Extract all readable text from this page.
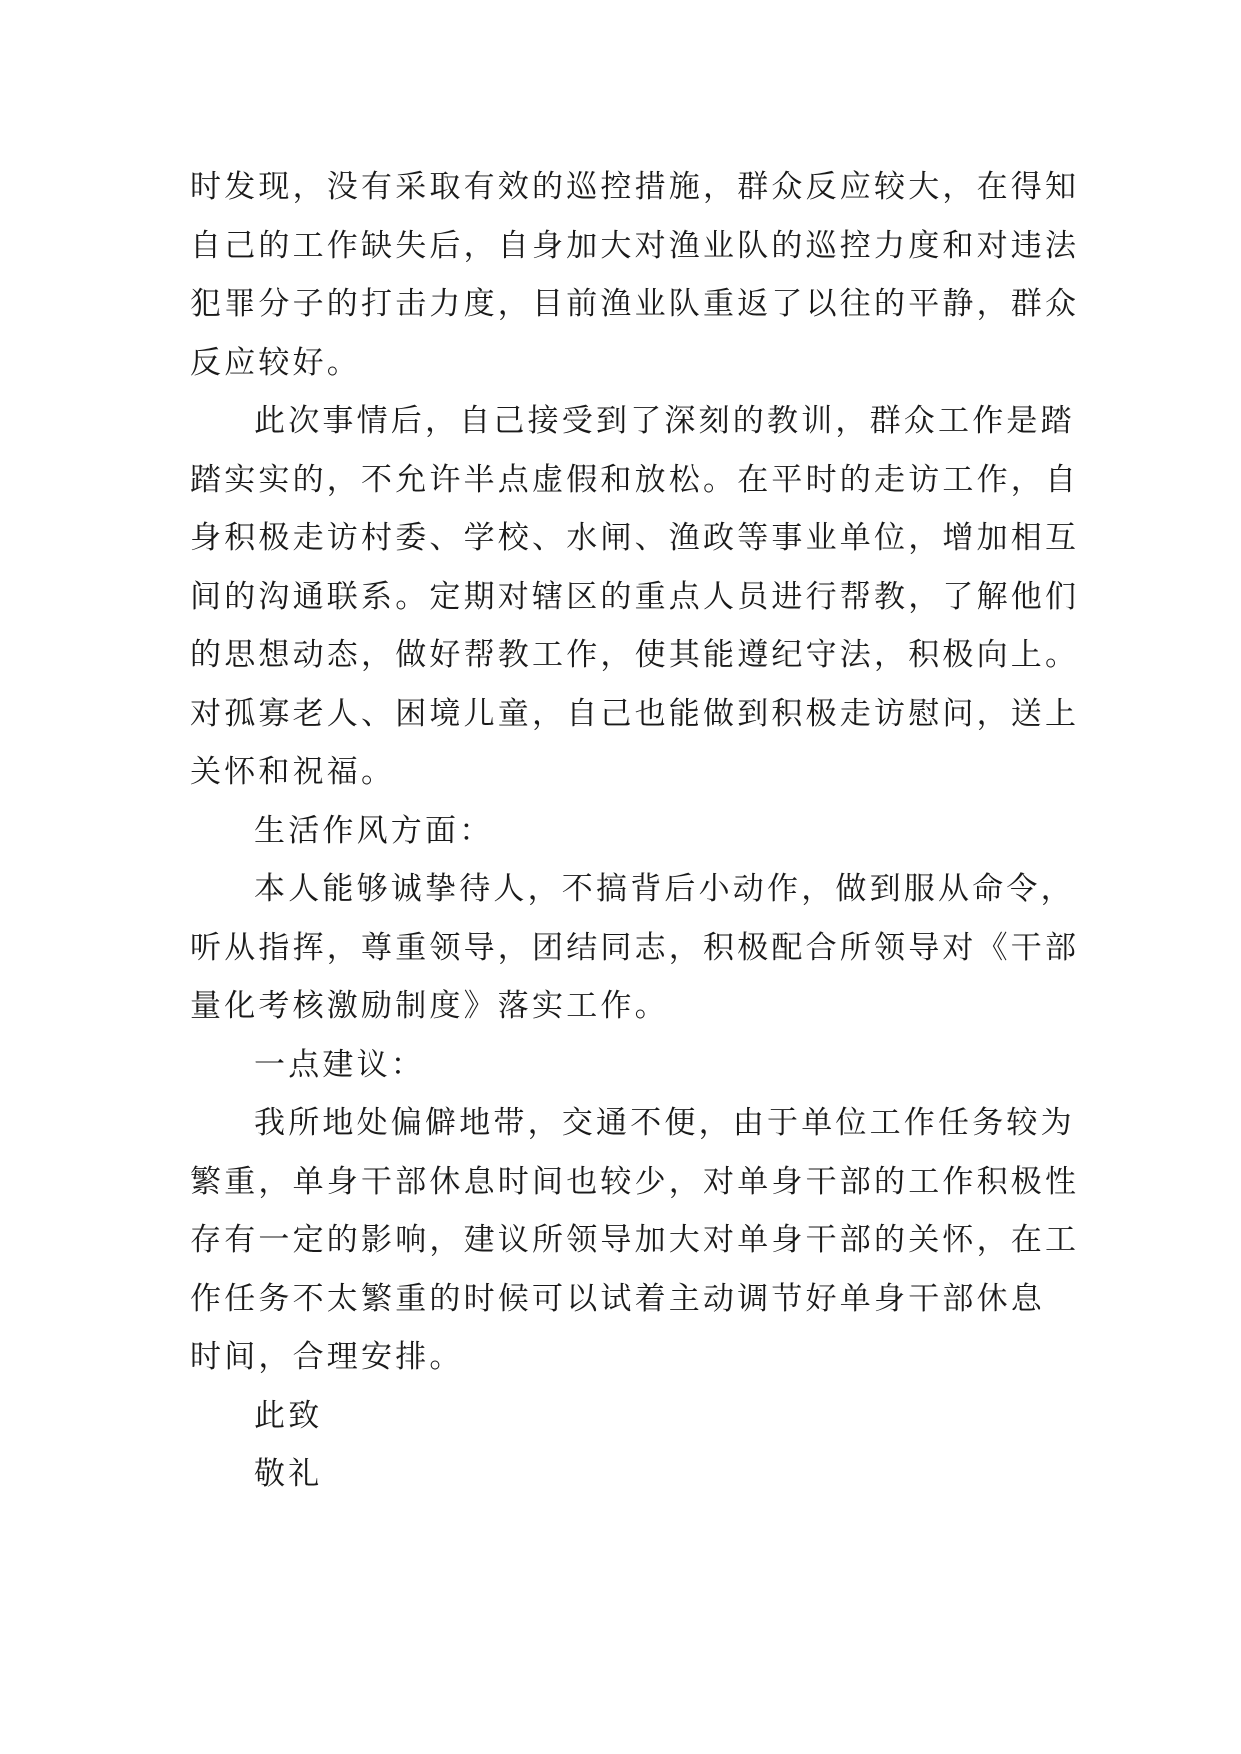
时发现，没有采取有效的巡控措施，群众反应较大，在得知
自己的工作缺失后，自身加大对渔业队的巡控力度和对违法
犯罪分子的打击力度，目前渔业队重返了以往的平静，群众
反应较好。
此次事情后，自己接受到了深刻的教训，群众工作是踏
踏实实的，不允许半点虚假和放松。在平时的走访工作，自
身积极走访村委、学校、水闸、渔政等事业单位，增加相互
间的沟通联系。定期对辖区的重点人员进行帮教，了解他们
的思想动态，做好帮教工作，使其能遵纪守法，积极向上。
对孤寡老人、困境儿童，自己也能做到积极走访慰问，送上
关怀和祝福。
生活作风方面：
本人能够诚挚待人，不搞背后小动作，做到服从命令，
听从指挥，尊重领导，团结同志，积极配合所领导对《干部
量化考核激励制度》落实工作。
一点建议：
我所地处偏僻地带，交通不便，由于单位工作任务较为
繁重，单身干部休息时间也较少，对单身干部的工作积极性
存有一定的影响，建议所领导加大对单身干部的关怀，在工
作任务不太繁重的时候可以试着主动调节好单身干部休息
时间，合理安排。
此致
敬礼
